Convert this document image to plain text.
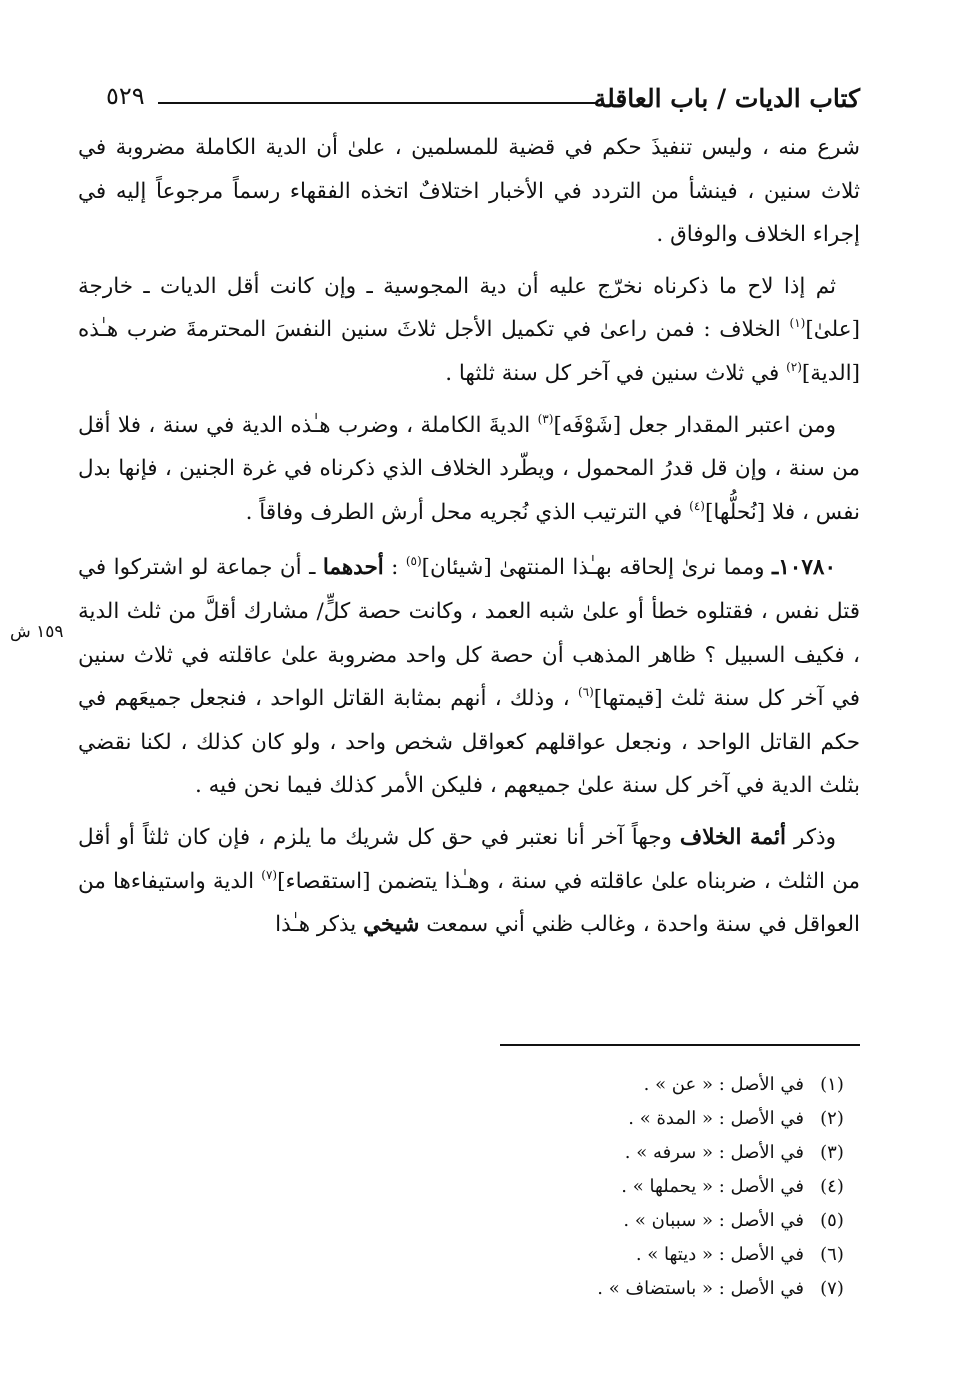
كتاب الديات / باب العاقلة
٥٢٩
١٥٩ ش

شرع منه ، وليس تنفيذَ حكم في قضية للمسلمين ، علىٰ أن الدية الكاملة مضروبة في ثلاث سنين ، فينشأ من التردد في الأخبار اختلافٌ اتخذه الفقهاء رسماً مرجوعاً إليه في إجراء الخلاف والوفاق .

ثم إذا لاح ما ذكرناه نخرّج عليه أن دية المجوسية ـ وإن كانت أقل الديات ـ خارجة [علىٰ]$^{(١)}$ الخلاف : فمن راعىٰ في تكميل الأجل ثلاثَ سنين النفسَ المحترمةَ ضرب هـٰذه [الدية]$^{(٢)}$ في ثلاث سنين في آخر كل سنة ثلثها .

ومن اعتبر المقدار جعل [شَوْفَه]$^{(٣)}$ الديةَ الكاملة ، وضرب هـٰذه الدية في سنة ، فلا أقل من سنة ، وإن قل قدرُ المحمول ، ويطّرد الخلاف الذي ذكرناه في غرة الجنين ، فإنها بدل نفس ، فلا [نُحلُّها]$^{(٤)}$ في الترتيب الذي نُجريه محل أرش الطرف وفاقاً .

١٠٧٨٠ـ ومما نرىٰ إلحاقه بهـٰذا المنتهىٰ [شيئان]$^{(٥)}$ : أحدهما ـ أن جماعة لو اشتركوا في قتل نفس ، فقتلوه خطأ أو علىٰ شبه العمد ، وكانت حصة كلٍّ/ مشارك أقلَّ من ثلث الدية ، فكيف السبيل ؟ ظاهر المذهب أن حصة كل واحد مضروبة علىٰ عاقلته في ثلاث سنين في آخر كل سنة ثلث [قيمتها]$^{(٦)}$ ، وذلك ، أنهم بمثابة القاتل الواحد ، فنجعل جميعَهم في حكم القاتل الواحد ، ونجعل عواقلهم كعواقل شخص واحد ، ولو كان كذلك ، لكنا نقضي بثلث الدية في آخر كل سنة علىٰ جميعهم ، فليكن الأمر كذلك فيما نحن فيه .

وذكر أئمة الخلاف وجهاً آخر أنا نعتبر في حق كل شريك ما يلزم ، فإن كان ثلثاً أو أقل من الثلث ، ضربناه علىٰ عاقلته في سنة ، وهـٰذا يتضمن [استقصاء]$^{(٧)}$ الدية واستيفاءها من العواقل في سنة واحدة ، وغالب ظني أني سمعت شيخي يذكر هـٰذا

(١)
في الأصل : « عن » .
(٢)
في الأصل : « المدة » .
(٣)
في الأصل : « سرفه » .
(٤)
في الأصل : « يحملها » .
(٥)
في الأصل : « سببان » .
(٦)
في الأصل : « ديتها » .
(٧)
في الأصل : « باستضاف » .
